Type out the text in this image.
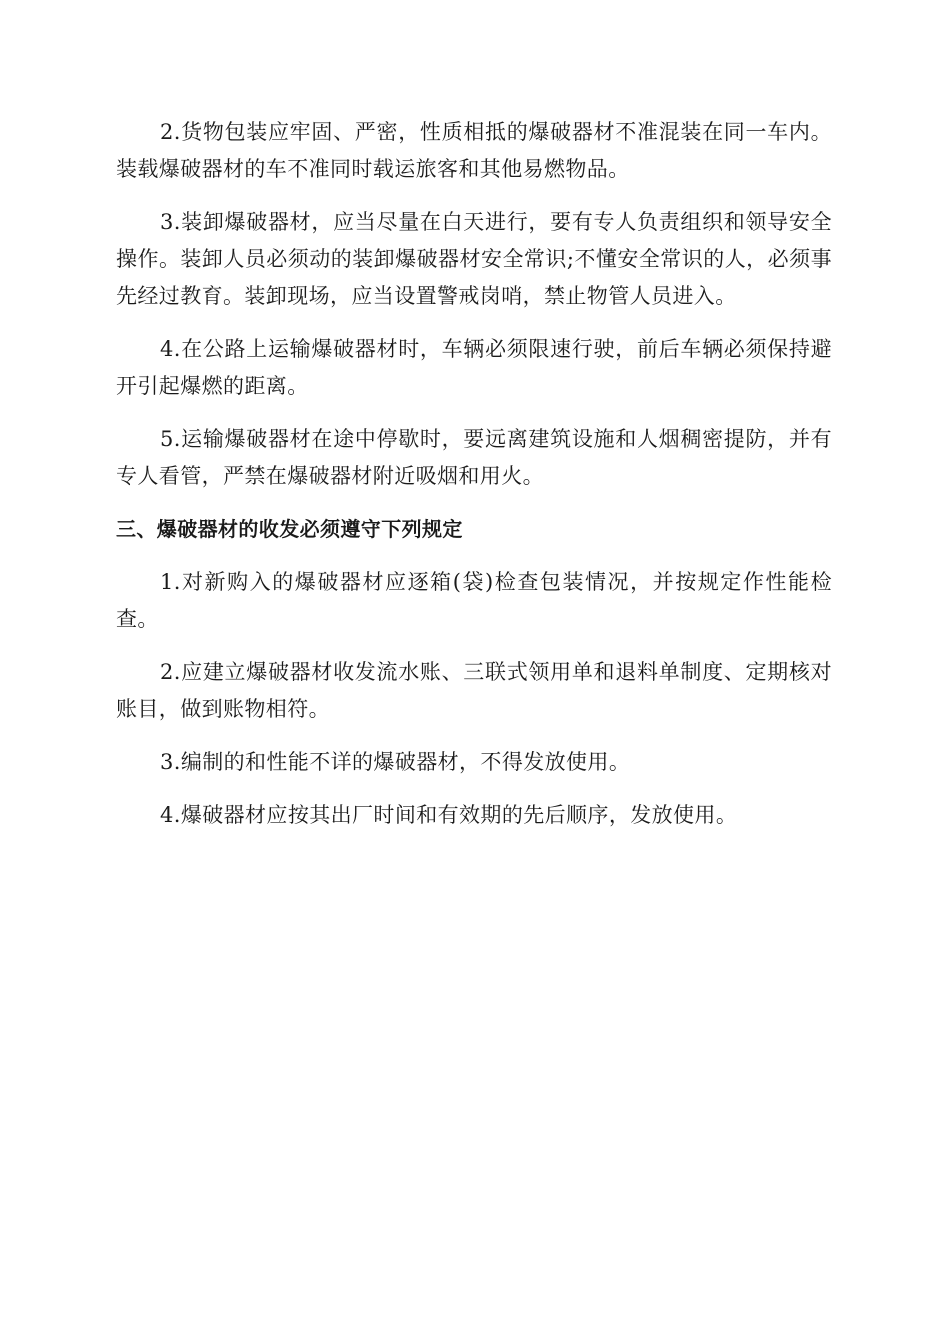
2.货物包装应牢固、严密，性质相抵的爆破器材不准混装在同一车内。装载爆破器材的车不准同时载运旅客和其他易燃物品。

3.装卸爆破器材，应当尽量在白天进行，要有专人负责组织和领导安全操作。装卸人员必须动的装卸爆破器材安全常识;不懂安全常识的人，必须事先经过教育。装卸现场，应当设置警戒岗哨，禁止物管人员进入。

4.在公路上运输爆破器材时，车辆必须限速行驶，前后车辆必须保持避开引起爆燃的距离。

5.运输爆破器材在途中停歇时，要远离建筑设施和人烟稠密提防，并有专人看管，严禁在爆破器材附近吸烟和用火。

三、爆破器材的收发必须遵守下列规定

1.对新购入的爆破器材应逐箱(袋)检查包装情况，并按规定作性能检查。

2.应建立爆破器材收发流水账、三联式领用单和退料单制度、定期核对账目，做到账物相符。

3.编制的和性能不详的爆破器材，不得发放使用。

4.爆破器材应按其出厂时间和有效期的先后顺序，发放使用。
